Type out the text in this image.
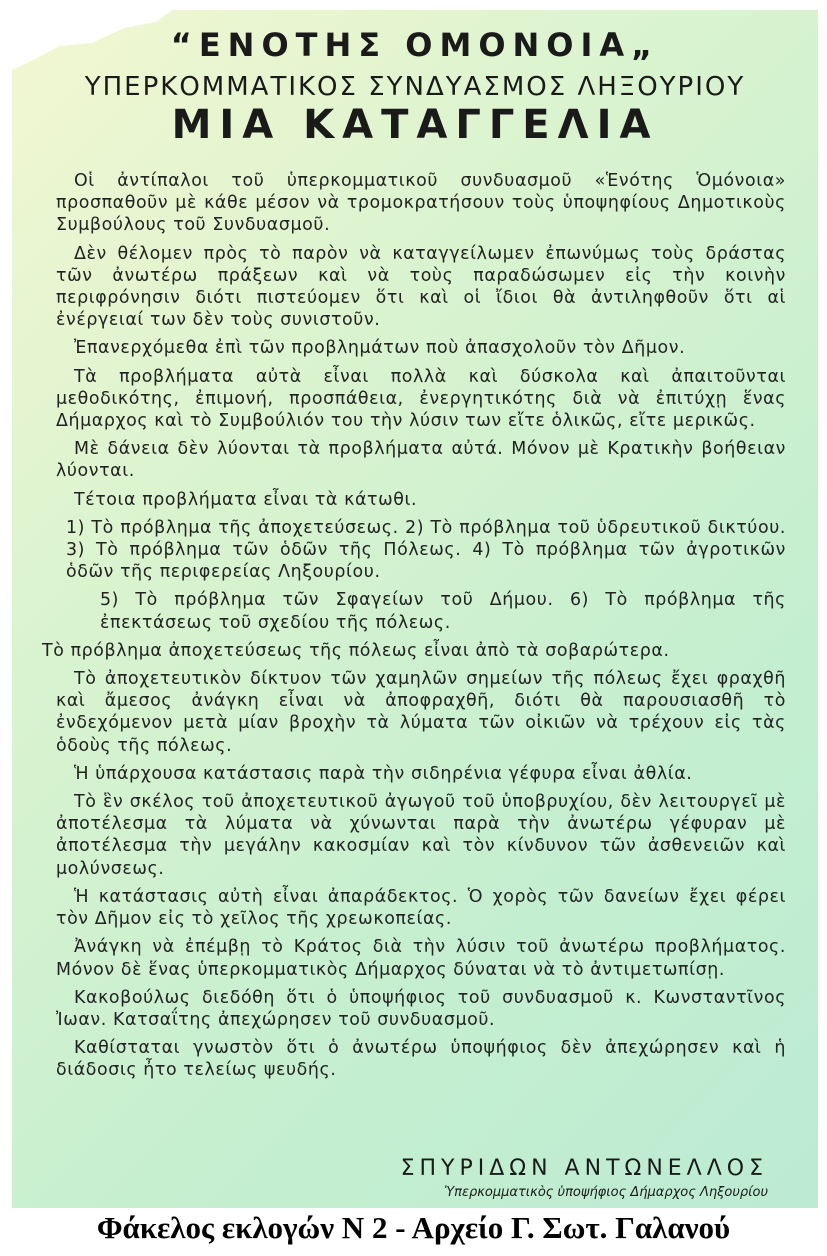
“ΕΝΟΤΗΣ ΟΜΟΝΟΙΑ„
ΥΠΕΡΚΟΜΜΑΤΙΚΟΣ ΣΥΝΔΥΑΣΜΟΣ ΛΗΞΟΥΡΙΟΥ
ΜΙΑ ΚΑΤΑΓΓΕΛΙΑ

Οἱ ἀντίπαλοι τοῦ ὑπερκομματικοῦ συνδυασμοῦ «Ἑνότης Ὁμόνοια» προσπαθοῦν μὲ κάθε μέσον νὰ τρομοκρατήσουν τοὺς ὑποψηφίους Δημοτικοὺς Συμβούλους τοῦ Συνδυασμοῦ.

Δὲν θέλομεν πρὸς τὸ παρὸν νὰ καταγγείλωμεν ἐπωνύμως τοὺς δράστας τῶν ἀνωτέρω πράξεων καὶ νὰ τοὺς παραδώσωμεν εἰς τὴν κοινὴν περιφρόνησιν διότι πιστεύομεν ὅτι καὶ οἱ ἴδιοι θὰ ἀντιληφθοῦν ὅτι αἱ ἐνέργειαί των δὲν τοὺς συνιστοῦν.

Ἐπανερχόμεθα ἐπὶ τῶν προβλημάτων ποὺ ἀπασχολοῦν τὸν Δῆμον.

Τὰ προβλήματα αὐτὰ εἶναι πολλὰ καὶ δύσκολα καὶ ἀπαιτοῦνται μεθοδικότης, ἐπιμονή, προσπάθεια, ἐνεργητικότης διὰ νὰ ἐπιτύχῃ ἕνας Δήμαρχος καὶ τὸ Συμβούλιόν του τὴν λύσιν των εἴτε ὁλικῶς, εἴτε μερικῶς.

Μὲ δάνεια δὲν λύονται τὰ προβλήματα αὐτά. Μόνον μὲ Κρατικὴν βοήθειαν λύονται.

Τέτοια προβλήματα εἶναι τὰ κάτωθι.

1) Τὸ πρόβλημα τῆς ἀποχετεύσεως. 2) Τὸ πρόβλημα τοῦ ὑδρευτικοῦ δικτύου. 3) Τὸ πρόβλημα τῶν ὁδῶν τῆς Πόλεως. 4) Τὸ πρόβλημα τῶν ἀγροτικῶν ὁδῶν τῆς περιφερείας Ληξουρίου.

5) Τὸ πρόβλημα τῶν Σφαγείων τοῦ Δήμου. 6) Τὸ πρόβλημα τῆς ἐπεκτάσεως τοῦ σχεδίου τῆς πόλεως.

Τὸ πρόβλημα ἀποχετεύσεως τῆς πόλεως εἶναι ἀπὸ τὰ σοβαρώτερα.

Τὸ ἀποχετευτικὸν δίκτυον τῶν χαμηλῶν σημείων τῆς πόλεως ἔχει φραχθῆ καὶ ἄμεσος ἀνάγκη εἶναι νὰ ἀποφραχθῆ, διότι θὰ παρουσιασθῆ τὸ ἐνδεχόμενον μετὰ μίαν βροχὴν τὰ λύματα τῶν οἰκιῶν νὰ τρέχουν εἰς τὰς ὁδοὺς τῆς πόλεως.

Ἡ ὑπάρχουσα κατάστασις παρὰ τὴν σιδηρένια γέφυρα εἶναι ἀθλία.

Τὸ ἓν σκέλος τοῦ ἀποχετευτικοῦ ἀγωγοῦ τοῦ ὑποβρυχίου, δὲν λειτουργεῖ μὲ ἀποτέλεσμα τὰ λύματα νὰ χύνωνται παρὰ τὴν ἀνωτέρω γέφυραν μὲ ἀποτέλεσμα τὴν μεγάλην κακοσμίαν καὶ τὸν κίνδυνον τῶν ἀσθενειῶν καὶ μολύνσεως.

Ἡ κατάστασις αὐτὴ εἶναι ἀπαράδεκτος. Ὁ χορὸς τῶν δανείων ἔχει φέρει τὸν Δῆμον εἰς τὸ χεῖλος τῆς χρεωκοπείας.

Ἀνάγκη νὰ ἐπέμβῃ τὸ Κράτος διὰ τὴν λύσιν τοῦ ἀνωτέρω προβλήματος. Μόνον δὲ ἕνας ὑπερκομματικὸς Δήμαρχος δύναται νὰ τὸ ἀντιμετωπίσῃ.

Κακοβούλως διεδόθη ὅτι ὁ ὑποψήφιος τοῦ συνδυασμοῦ κ. Κωνσταντῖνος Ἰωαν. Κατσαΐτης ἀπεχώρησεν τοῦ συνδυασμοῦ.

Καθίσταται γνωστὸν ὅτι ὁ ἀνωτέρω ὑποψήφιος δὲν ἀπεχώρησεν καὶ ἡ διάδοσις ἦτο τελείως ψευδής.

ΣΠΥΡΙΔΩΝ ΑΝΤΩΝΕΛΛΟΣ
Ὑπερκομματικὸς ὑποψήφιος Δήμαρχος Ληξουρίου
Φάκελος εκλογών Ν 2 - Αρχείο Γ. Σωτ. Γαλανού
